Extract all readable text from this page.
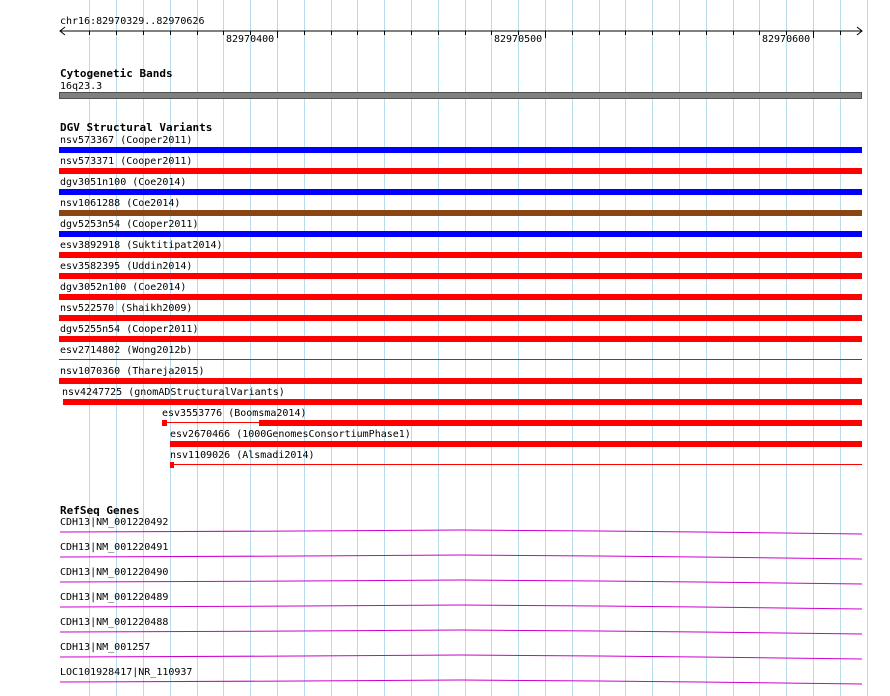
chr16:82970329..82970626
82970400	82970500	82970600
Cytogenetic Bands
16q23.3
DGV Structural Variants
nsv573367 (Cooper2011)
nsv573371 (Cooper2011)
dgv3051n100 (Coe2014)
nsv1061288 (Coe2014)
dgv5253n54 (Cooper2011)
esv3892918 (Suktitipat2014)
esv3582395 (Uddin2014)
dgv3052n100 (Coe2014)
nsv522570 (Shaikh2009)
dgv5255n54 (Cooper2011)
esv2714802 (Wong2012b)
nsv1070360 (Thareja2015)
nsv4247725 (gnomADStructuralVariants)
esv3553776 (Boomsma2014)
esv2670466 (1000GenomesConsortiumPhase1)
nsv1109026 (Alsmadi2014)
RefSeq Genes
CDH13|NM_001220492
CDH13|NM_001220491
CDH13|NM_001220490
CDH13|NM_001220489
CDH13|NM_001220488
CDH13|NM_001257
LOC101928417|NR_110937
